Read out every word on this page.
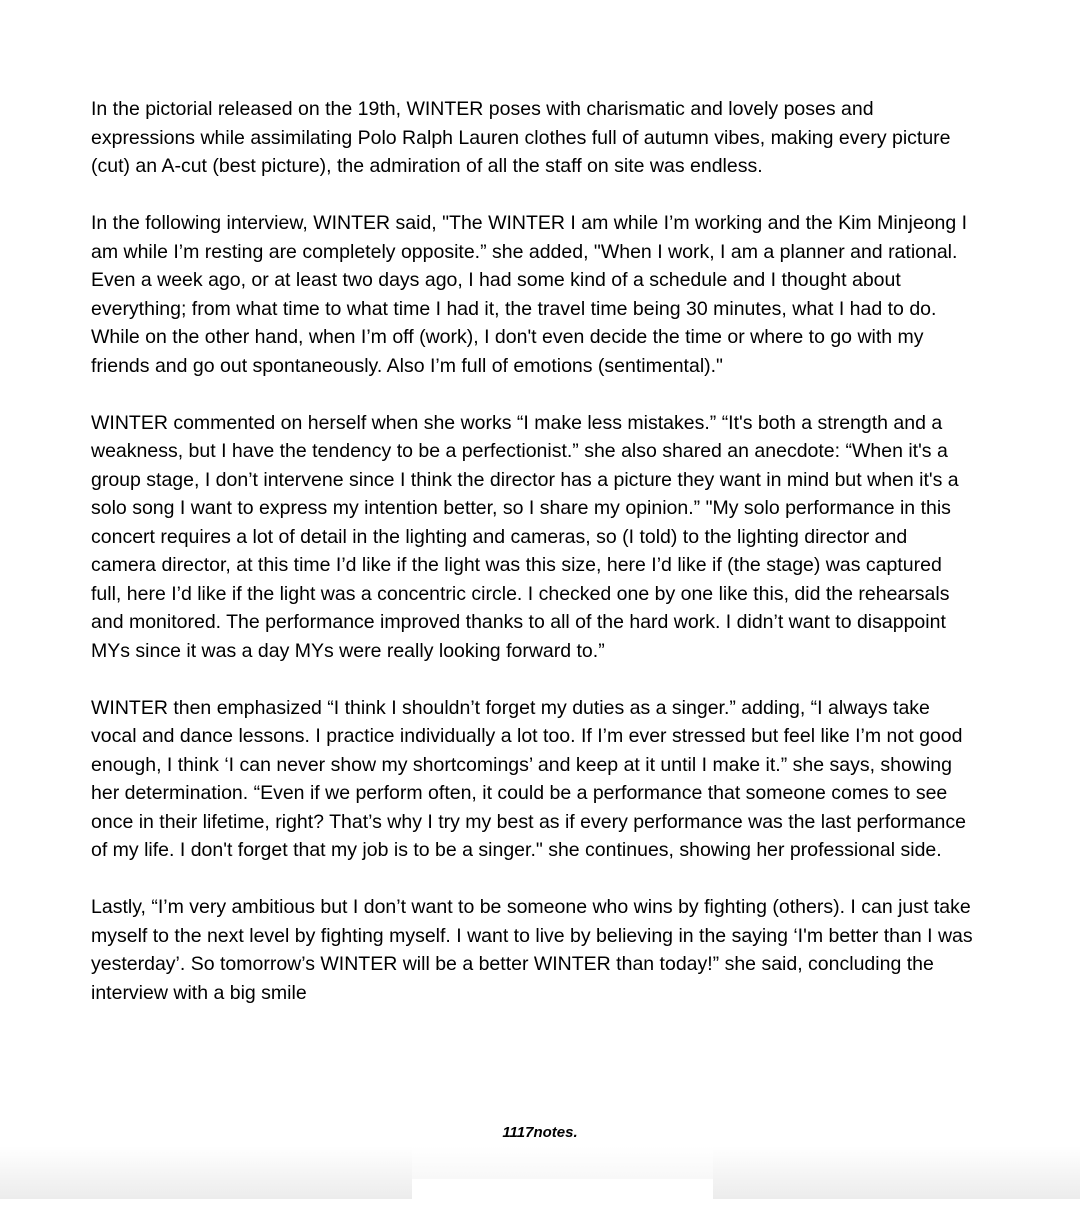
In the pictorial released on the 19th, WINTER poses with charismatic and lovely poses and expressions while assimilating Polo Ralph Lauren clothes full of autumn vibes, making every picture (cut) an A-cut (best picture), the admiration of all the staff on site was endless.

In the following interview, WINTER said, "The WINTER I am while I’m working and the Kim Minjeong I am while I’m resting are completely opposite.” she added, "When I work, I am a planner and rational. Even a week ago, or at least two days ago, I had some kind of a schedule and I thought about everything; from what time to what time I had it, the travel time being 30 minutes, what I had to do. While on the other hand, when I’m off (work), I don't even decide the time or where to go with my friends and go out spontaneously. Also I’m full of emotions (sentimental)."

WINTER commented on herself when she works “I make less mistakes.” “It's both a strength and a weakness, but I have the tendency to be a perfectionist.” she also shared an anecdote: “When it's a group stage, I don’t intervene since I think the director has a picture they want in mind but when it's a solo song I want to express my intention better, so I share my opinion.” "My solo performance in this concert requires a lot of detail in the lighting and cameras, so (I told) to the lighting director and camera director, at this time I’d like if the light was this size, here I’d like if (the stage) was captured full, here I’d like if the light was a concentric circle. I checked one by one like this, did the rehearsals and monitored. The performance improved thanks to all of the hard work. I didn’t want to disappoint MYs since it was a day MYs were really looking forward to.”

WINTER then emphasized “I think I shouldn’t forget my duties as a singer.” adding, “I always take vocal and dance lessons. I practice individually a lot too. If I’m ever stressed but feel like I’m not good enough, I think ‘I can never show my shortcomings’ and keep at it until I make it.” she says, showing her determination. “Even if we perform often, it could be a performance that someone comes to see once in their lifetime, right? That’s why I try my best as if every performance was the last performance of my life. I don't forget that my job is to be a singer." she continues, showing her professional side.

Lastly, “I’m very ambitious but I don’t want to be someone who wins by fighting (others). I can just take myself to the next level by fighting myself. I want to live by believing in the saying ‘I'm better than I was yesterday’. So tomorrow’s WINTER will be a better WINTER than today!” she said, concluding the interview with a big smile

1117notes.
